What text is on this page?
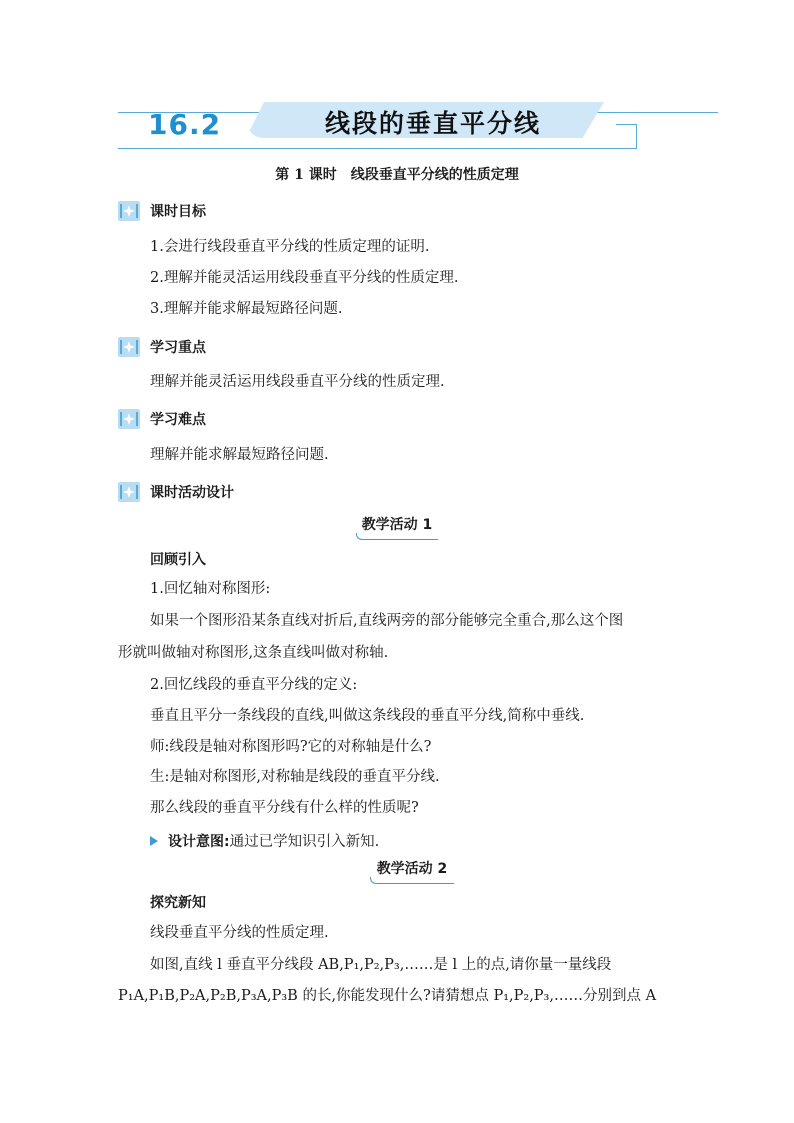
16.2	线段的垂直平分线
第 1 课时 线段垂直平分线的性质定理
课时目标
1.会进行线段垂直平分线的性质定理的证明.
2.理解并能灵活运用线段垂直平分线的性质定理.
3.理解并能求解最短路径问题.
学习重点
理解并能灵活运用线段垂直平分线的性质定理.
学习难点
理解并能求解最短路径问题.
课时活动设计
教学活动 1
回顾引入
1.回忆轴对称图形:
如果一个图形沿某条直线对折后,直线两旁的部分能够完全重合,那么这个图
形就叫做轴对称图形,这条直线叫做对称轴.
2.回忆线段的垂直平分线的定义:
垂直且平分一条线段的直线,叫做这条线段的垂直平分线,简称中垂线.
师:线段是轴对称图形吗?它的对称轴是什么?
生:是轴对称图形,对称轴是线段的垂直平分线.
那么线段的垂直平分线有什么样的性质呢?
设计意图: 通过已学知识引入新知.
教学活动 2
探究新知
线段垂直平分线的性质定理.
如图,直线 l 垂直平分线段 AB,P₁,P₂,P₃,……是 l 上的点,请你量一量线段
P₁A,P₁B,P₂A,P₂B,P₃A,P₃B 的长,你能发现什么?请猜想点 P₁,P₂,P₃,……分别到点 A
